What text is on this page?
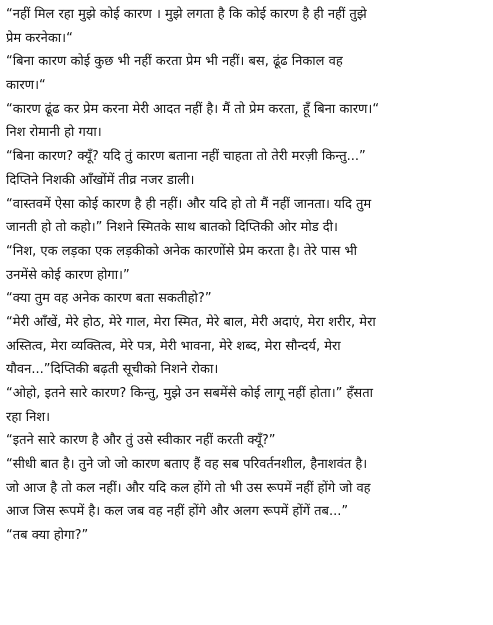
“नहीं मिल रहा मुझे कोई कारण । मुझे लगता है कि कोई कारण है ही नहीं तुझे
प्रेम करनेका।“
“बिना कारण कोई कुछ भी नहीं करता प्रेम भी नहीं। बस, ढूंढ निकाल वह
कारण।“
“कारण ढूंढ कर प्रेम करना मेरी आदत नहीं है। मैं तो प्रेम करता, हूँ बिना कारण।“
निश रोमानी हो गया।
“बिना कारण? क्यूँ? यदि तुं कारण बताना नहीं चाहता तो तेरी मरज़ी किन्तु...”
दिप्तिने निशकी आँखोंमें तीव्र नजर डाली।
“वास्तवमें ऐसा कोई कारण है ही नहीं। और यदि हो तो मैं नहीं जानता। यदि तुम
जानती हो तो कहो।” निशने स्मितके साथ बातको दिप्तिकी ओर मोड दी।
“निश, एक लड़का एक लड़कीको अनेक कारणोंसे प्रेम करता है। तेरे पास भी
उनमेंसे कोई कारण होगा।”
“क्या तुम वह अनेक कारण बता सकतीहो?”
“मेरी आँखें, मेरे होठ, मेरे गाल, मेरा स्मित, मेरे बाल, मेरी अदाएं, मेरा शरीर, मेरा
अस्तित्व, मेरा व्यक्तित्व, मेरे पत्र, मेरी भावना, मेरे शब्द, मेरा सौन्दर्य, मेरा
यौवन...”दिप्तिकी बढ़ती सूचीको निशने रोका।
“ओहो, इतने सारे कारण? किन्तु, मुझे उन सबमेंसे कोई लागू नहीं होता।” हँसता
रहा निश।
“इतने सारे कारण है और तुं उसे स्वीकार नहीं करती क्यूँ?”
“सीधी बात है। तुने जो जो कारण बताए हैं वह सब परिवर्तनशील, हैनाशवंत है।
जो आज है तो कल नहीं। और यदि कल होंगे तो भी उस रूपमें नहीं होंगे जो वह
आज जिस रूपमें है। कल जब वह नहीं होंगे और अलग रूपमें होंगें तब...”
“तब क्या होगा?”
